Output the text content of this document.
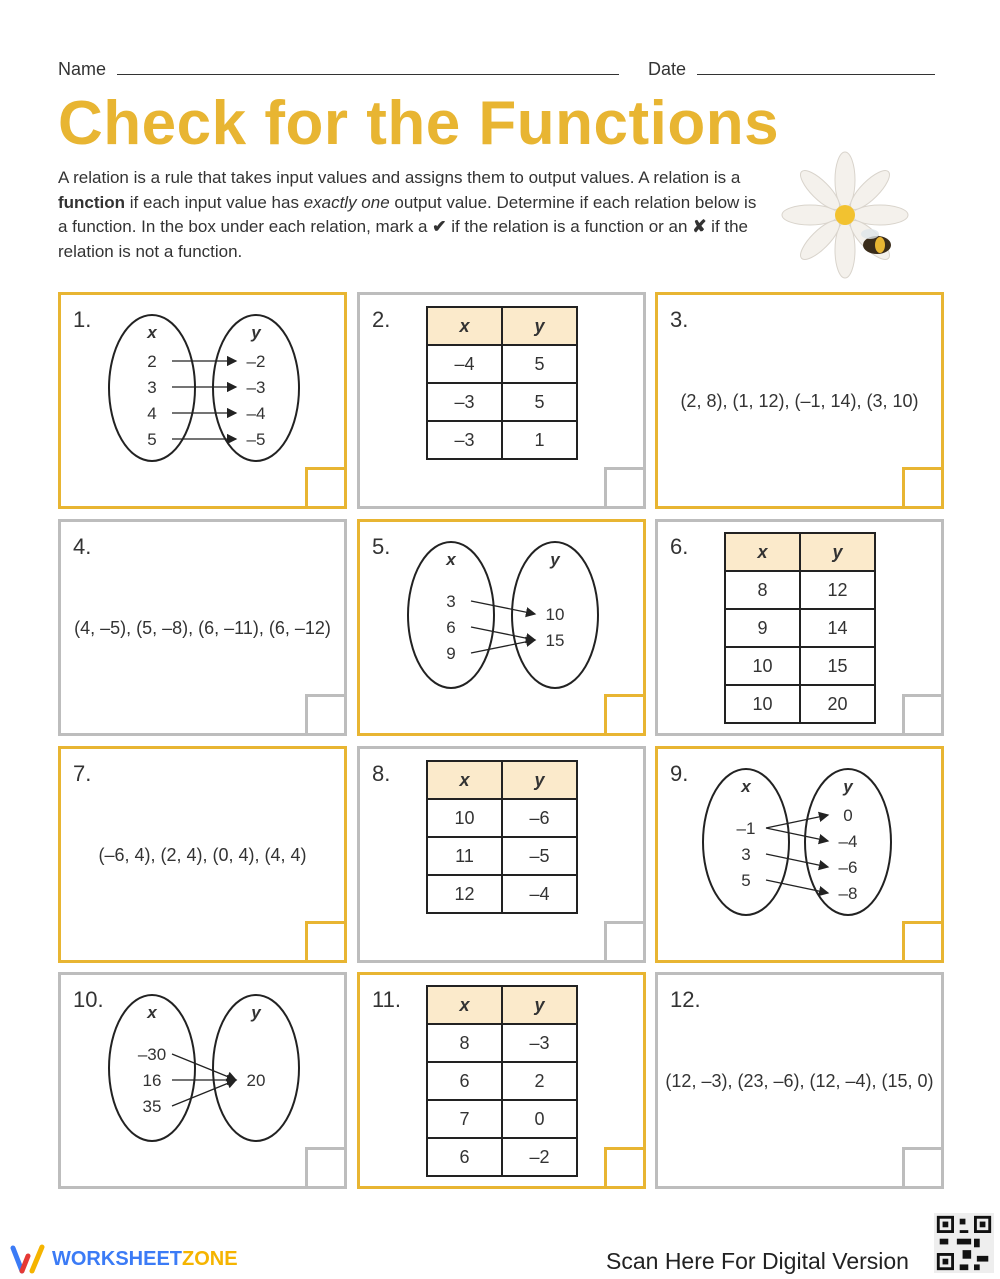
Name	Date
Check for the Functions

A relation is a rule that takes input values and assigns them to output values. A relation is a function if each input value has exactly one output value. Determine if each relation below is a function. In the box under each relation, mark a ✔ if the relation is a function or an ✘ if the relation is not a function.

1.
x	y
2
3
4
5
–2
–3
–4
–5
2.	x	y
–4	5
–3	5
–3	1
3.
(2, 8), (1, 12), (–1, 14), (3, 10)
4.
(4, –5), (5, –8), (6, –11), (6, –12)
5.
x	y
3
6
9
10
15
6.	x	y
8	12
9	14
10	15
10	20
7.
(–6, 4), (2, 4), (0, 4), (4, 4)
8.	x	y
10	–6
11	–5
12	–4
9.
x	y
–1
3
5
0
–4
–6
–8
10.
x	y
–30
16
35
20
11.	x	y
8	–3
6	2
7	0
6	–2
12.
(12, –3), (23, –6), (12, –4), (15, 0)
WORKSHEET ZONE	Scan Here For Digital Version
